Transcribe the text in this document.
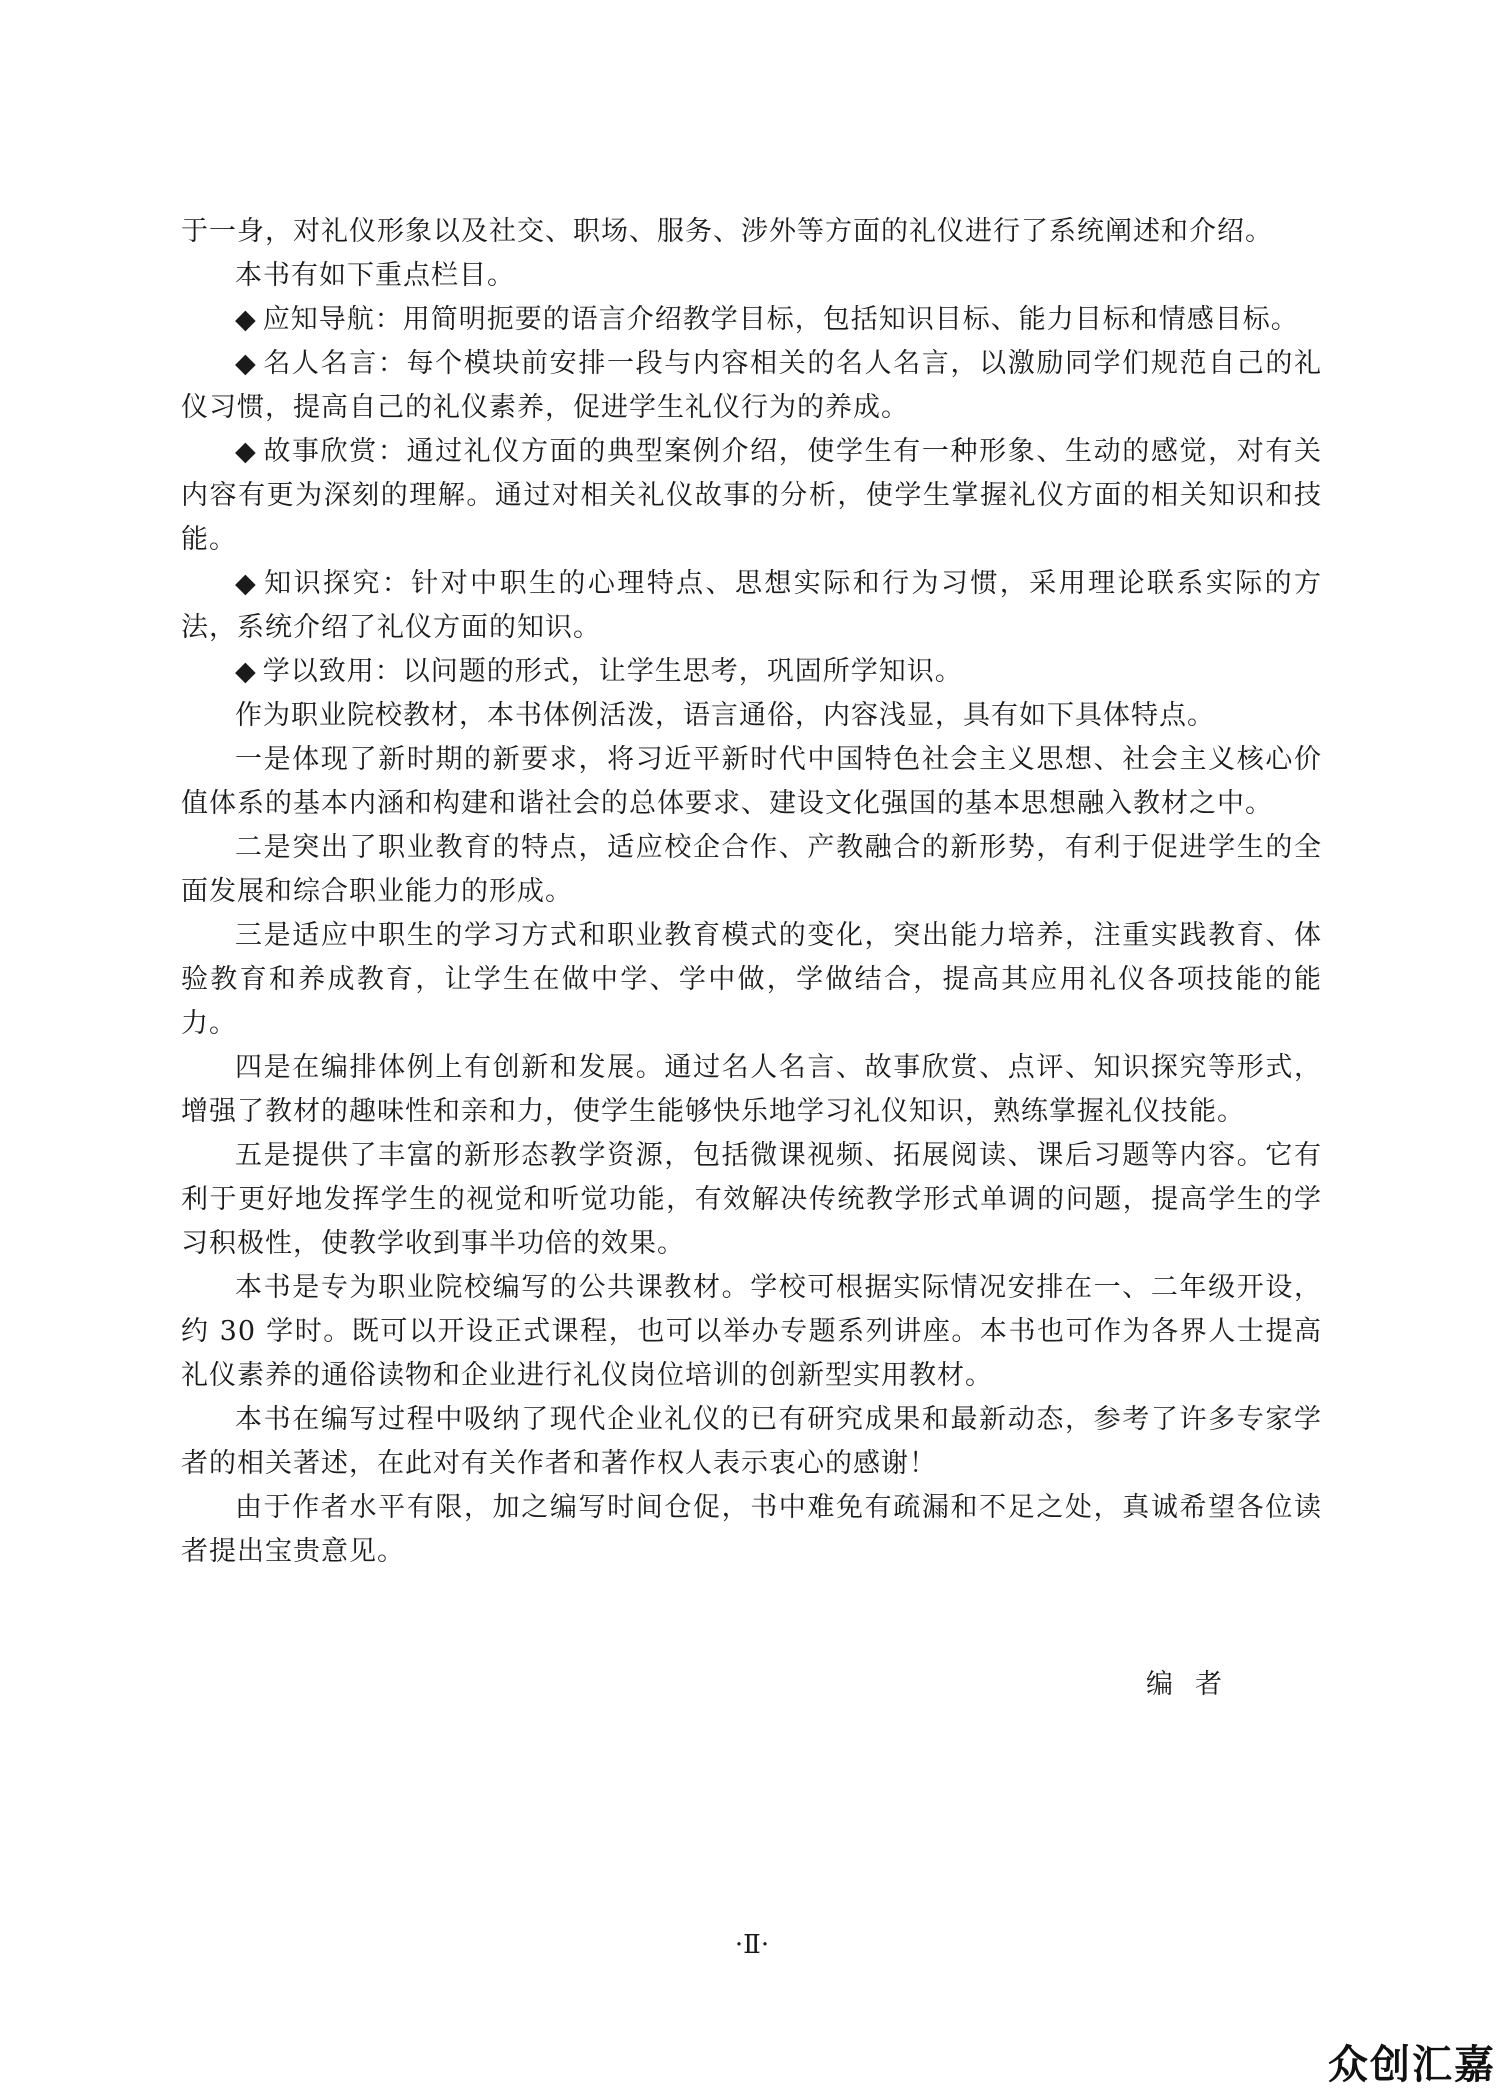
于一身，对礼仪形象以及社交、职场、服务、涉外等方面的礼仪进行了系统阐述和介绍。

本书有如下重点栏目。

◆ 应知导航：用简明扼要的语言介绍教学目标，包括知识目标、能力目标和情感目标。

◆ 名人名言：每个模块前安排一段与内容相关的名人名言，以激励同学们规范自己的礼仪习惯，提高自己的礼仪素养，促进学生礼仪行为的养成。

◆ 故事欣赏：通过礼仪方面的典型案例介绍，使学生有一种形象、生动的感觉，对有关内容有更为深刻的理解。通过对相关礼仪故事的分析，使学生掌握礼仪方面的相关知识和技能。

◆ 知识探究：针对中职生的心理特点、思想实际和行为习惯，采用理论联系实际的方法，系统介绍了礼仪方面的知识。

◆ 学以致用：以问题的形式，让学生思考，巩固所学知识。

作为职业院校教材，本书体例活泼，语言通俗，内容浅显，具有如下具体特点。

一是体现了新时期的新要求，将习近平新时代中国特色社会主义思想、社会主义核心价值体系的基本内涵和构建和谐社会的总体要求、建设文化强国的基本思想融入教材之中。

二是突出了职业教育的特点，适应校企合作、产教融合的新形势，有利于促进学生的全面发展和综合职业能力的形成。

三是适应中职生的学习方式和职业教育模式的变化，突出能力培养，注重实践教育、体验教育和养成教育，让学生在做中学、学中做，学做结合，提高其应用礼仪各项技能的能力。

四是在编排体例上有创新和发展。通过名人名言、故事欣赏、点评、知识探究等形式，增强了教材的趣味性和亲和力，使学生能够快乐地学习礼仪知识，熟练掌握礼仪技能。

五是提供了丰富的新形态教学资源，包括微课视频、拓展阅读、课后习题等内容。它有利于更好地发挥学生的视觉和听觉功能，有效解决传统教学形式单调的问题，提高学生的学习积极性，使教学收到事半功倍的效果。

本书是专为职业院校编写的公共课教材。学校可根据实际情况安排在一、二年级开设，约 30 学时。既可以开设正式课程，也可以举办专题系列讲座。本书也可作为各界人士提高礼仪素养的通俗读物和企业进行礼仪岗位培训的创新型实用教材。

本书在编写过程中吸纳了现代企业礼仪的已有研究成果和最新动态，参考了许多专家学者的相关著述，在此对有关作者和著作权人表示衷心的感谢！

由于作者水平有限，加之编写时间仓促，书中难免有疏漏和不足之处，真诚希望各位读者提出宝贵意见。

编者
·Ⅱ·
众创汇嘉
